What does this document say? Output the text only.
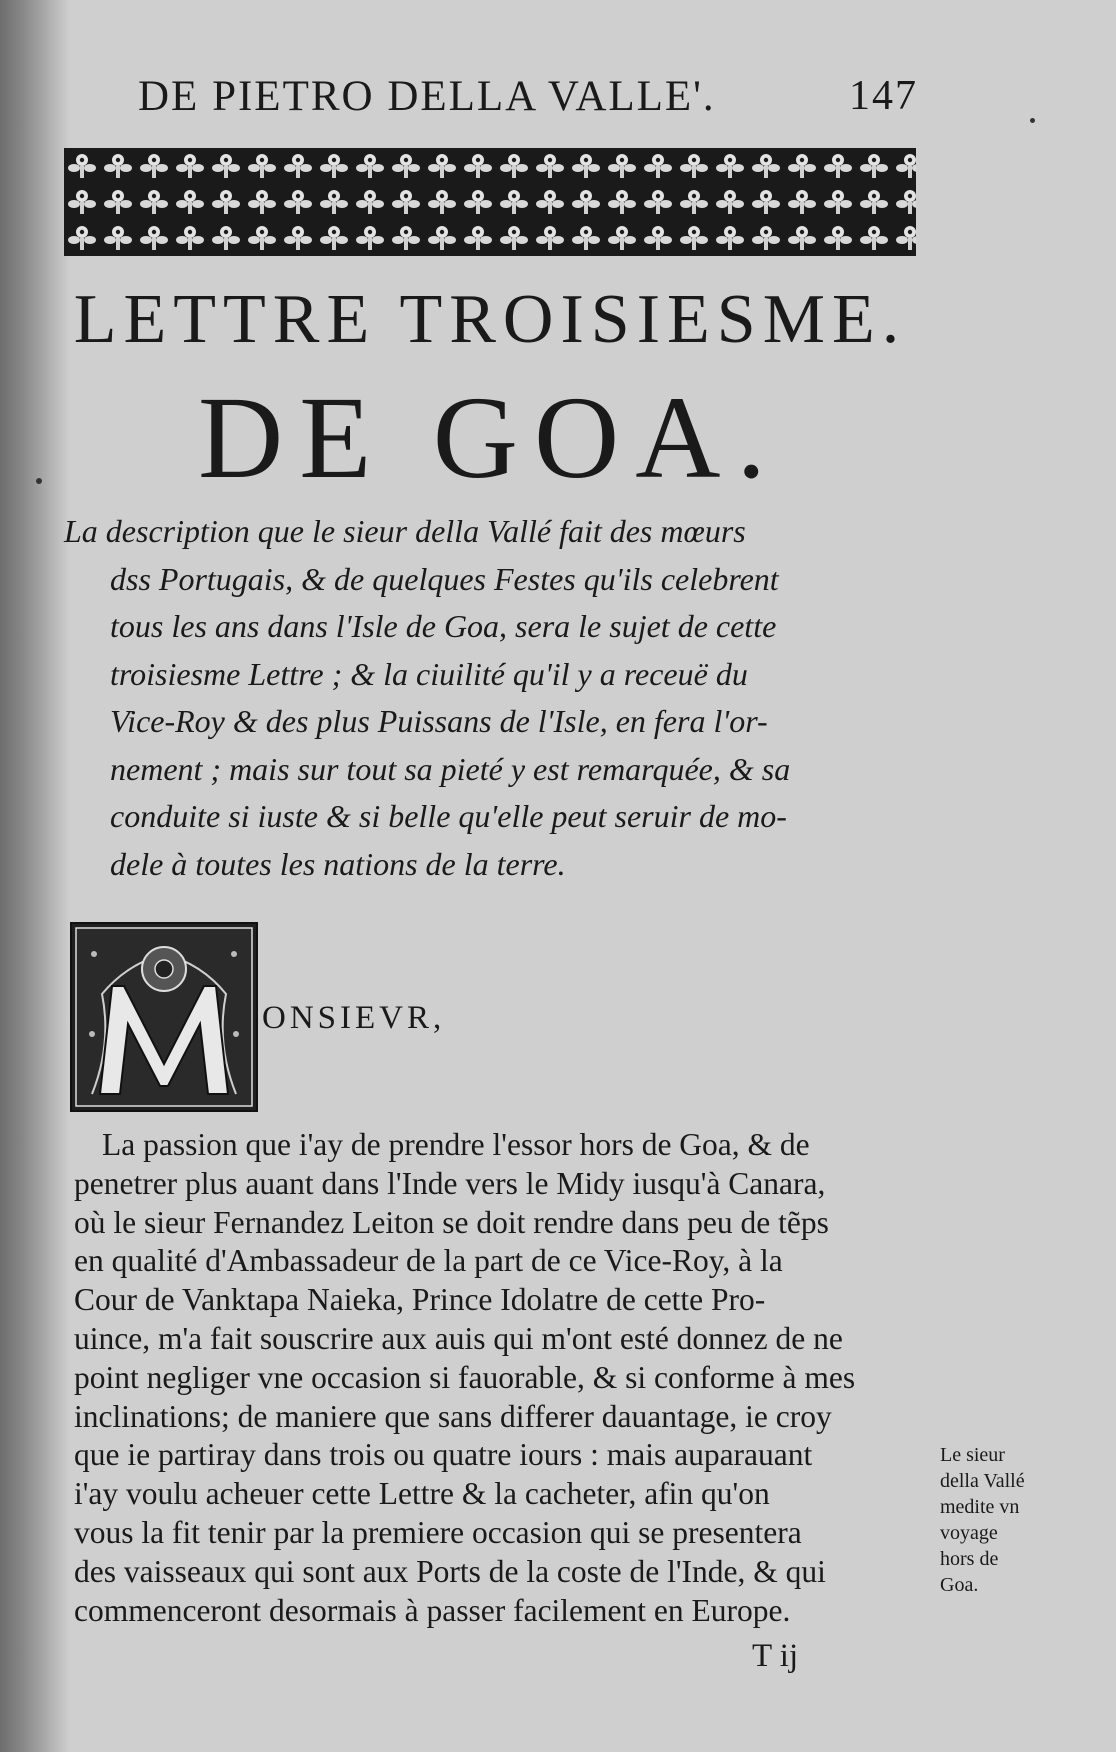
DE PIETRO DELLA VALLE'.	147
LETTRE TROISIESME.
DE GOA.

La description que le sieur della Vallé fait des mœurs

dss Portugais, & de quelques Festes qu'ils celebrent

tous les ans dans l'Isle de Goa, sera le sujet de cette

troisiesme Lettre ; & la ciuilité qu'il y a receuë du

Vice-Roy & des plus Puissans de l'Isle, en fera l'or-

nement ; mais sur tout sa pieté y est remarquée, & sa

conduite si iuste & si belle qu'elle peut seruir de mo-

dele à toutes les nations de la terre.

ONSIEVR,

La passion que i'ay de prendre l'essor hors de Goa, & de

penetrer plus auant dans l'Inde vers le Midy iusqu'à Canara,

où le sieur Fernandez Leiton se doit rendre dans peu de tẽps

en qualité d'Ambassadeur de la part de ce Vice-Roy, à la

Cour de Vanktapa Naieka, Prince Idolatre de cette Pro-

uince, m'a fait souscrire aux auis qui m'ont esté donnez de ne

point negliger vne occasion si fauorable, & si conforme à mes

inclinations; de maniere que sans differer dauantage, ie croy

que ie partiray dans trois ou quatre iours : mais auparauant

i'ay voulu acheuer cette Lettre & la cacheter, afin qu'on

vous la fit tenir par la premiere occasion qui se presentera

des vaisseaux qui sont aux Ports de la coste de l'Inde, & qui

commenceront desormais à passer facilement en Europe.

Le sieur

della Vallé

medite vn

voyage

hors de

Goa.

T ij
